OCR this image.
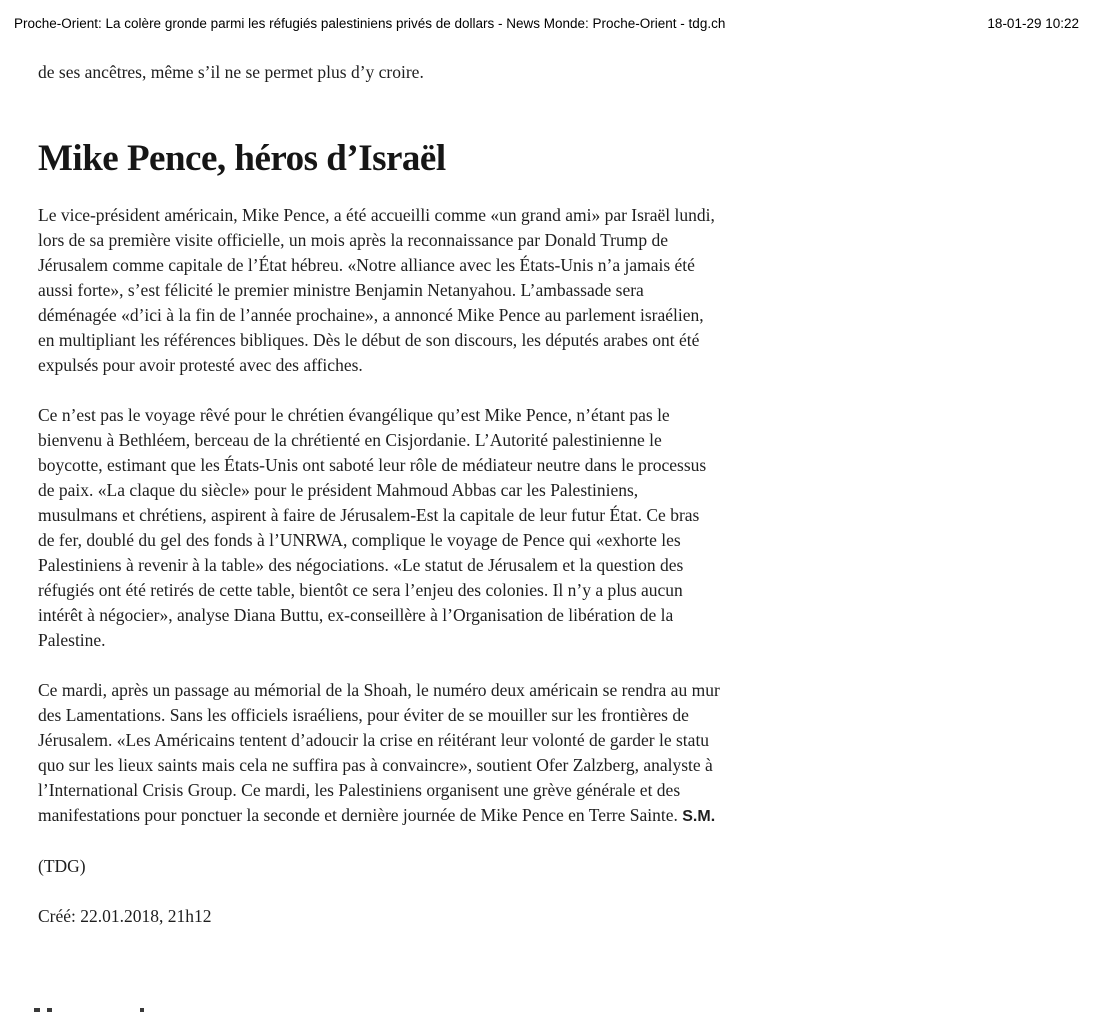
Proche-Orient: La colère gronde parmi les réfugiés palestiniens privés de dollars - News Monde: Proche-Orient - tdg.ch	18-01-29 10:22

de ses ancêtres, même s’il ne se permet plus d’y croire.

Mike Pence, héros d’Israël

Le vice-président américain, Mike Pence, a été accueilli comme «un grand ami» par Israël lundi, lors de sa première visite officielle, un mois après la reconnaissance par Donald Trump de Jérusalem comme capitale de l’État hébreu. «Notre alliance avec les États-Unis n’a jamais été aussi forte», s’est félicité le premier ministre Benjamin Netanyahou. L’ambassade sera déménagée «d’ici à la fin de l’année prochaine», a annoncé Mike Pence au parlement israélien, en multipliant les références bibliques. Dès le début de son discours, les députés arabes ont été expulsés pour avoir protesté avec des affiches.

Ce n’est pas le voyage rêvé pour le chrétien évangélique qu’est Mike Pence, n’étant pas le bienvenu à Bethléem, berceau de la chrétienté en Cisjordanie. L’Autorité palestinienne le boycotte, estimant que les États-Unis ont saboté leur rôle de médiateur neutre dans le processus de paix. «La claque du siècle» pour le président Mahmoud Abbas car les Palestiniens, musulmans et chrétiens, aspirent à faire de Jérusalem-Est la capitale de leur futur État. Ce bras de fer, doublé du gel des fonds à l’UNRWA, complique le voyage de Pence qui «exhorte les Palestiniens à revenir à la table» des négociations. «Le statut de Jérusalem et la question des réfugiés ont été retirés de cette table, bientôt ce sera l’enjeu des colonies. Il n’y a plus aucun intérêt à négocier», analyse Diana Buttu, ex-conseillère à l’Organisation de libération de la Palestine.

Ce mardi, après un passage au mémorial de la Shoah, le numéro deux américain se rendra au mur des Lamentations. Sans les officiels israéliens, pour éviter de se mouiller sur les frontières de Jérusalem. «Les Américains tentent d’adoucir la crise en réitérant leur volonté de garder le statu quo sur les lieux saints mais cela ne suffira pas à convaincre», soutient Ofer Zalzberg, analyste à l’International Crisis Group. Ce mardi, les Palestiniens organisent une grève générale et des manifestations pour ponctuer la seconde et dernière journée de Mike Pence en Terre Sainte. S.M.

(TDG)

Créé: 22.01.2018, 21h12
